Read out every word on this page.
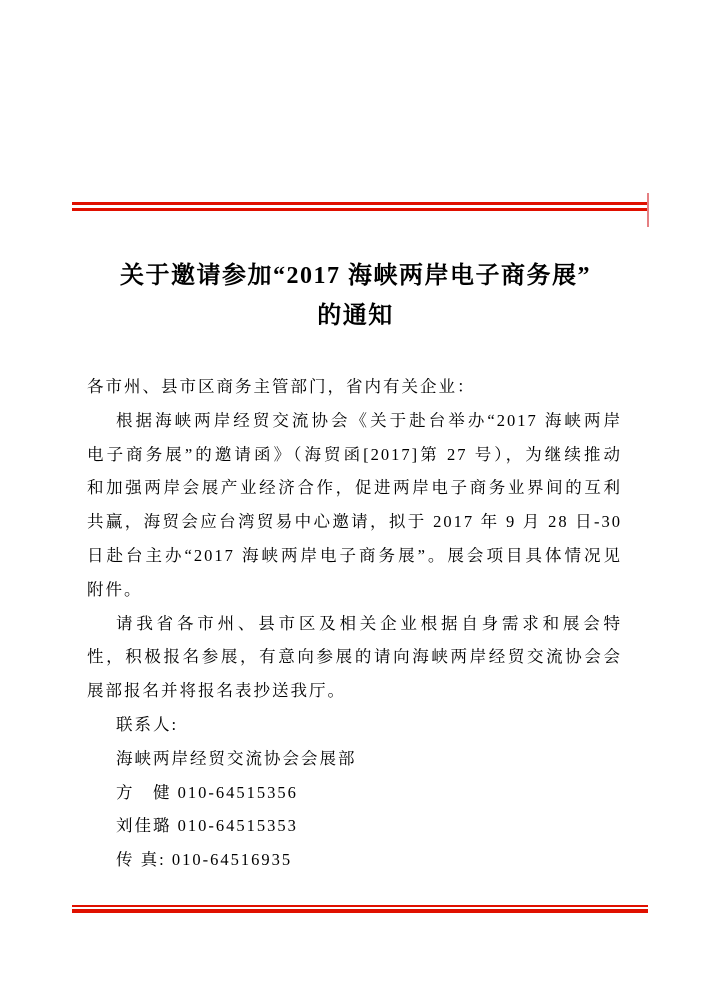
关于邀请参加“2017 海峡两岸电子商务展”
的通知
各市州、县市区商务主管部门，省内有关企业：
根据海峡两岸经贸交流协会《关于赴台举办“2017 海峡两岸
电子商务展”的邀请函》（海贸函[2017]第 27 号），为继续推动
和加强两岸会展产业经济合作，促进两岸电子商务业界间的互利
共赢，海贸会应台湾贸易中心邀请，拟于 2017 年 9 月 28 日-30
日赴台主办“2017 海峡两岸电子商务展”。展会项目具体情况见
附件。
请我省各市州、县市区及相关企业根据自身需求和展会特
性，积极报名参展，有意向参展的请向海峡两岸经贸交流协会会
展部报名并将报名表抄送我厅。
联系人:
海峡两岸经贸交流协会会展部
方　健 010-64515356
刘佳璐 010-64515353
传 真: 010-64516935
